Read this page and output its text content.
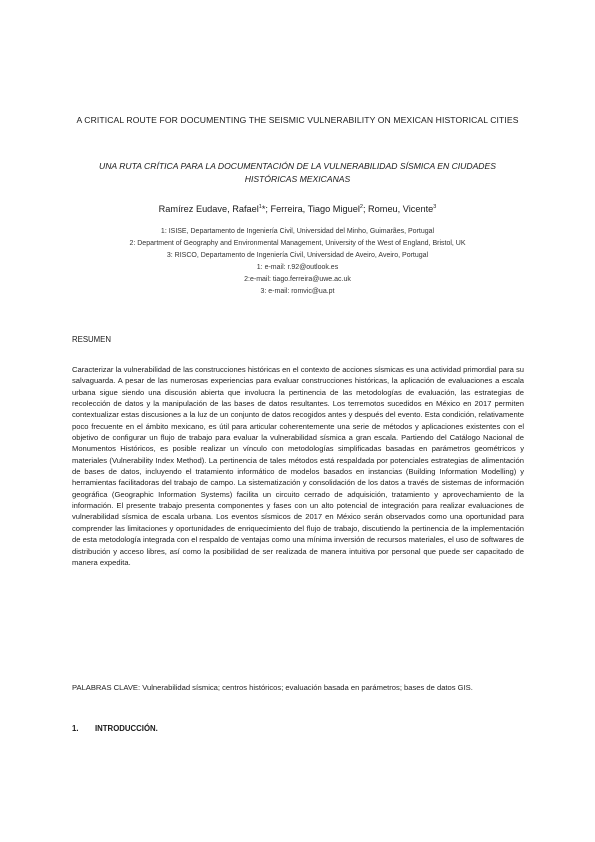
A CRITICAL ROUTE FOR DOCUMENTING THE SEISMIC VULNERABILITY ON MEXICAN HISTORICAL CITIES
UNA RUTA CRÍTICA PARA LA DOCUMENTACIÓN DE LA VULNERABILIDAD SÍSMICA EN CIUDADES HISTÓRICAS MEXICANAS
Ramírez Eudave, Rafael$^1$*; Ferreira, Tiago Miguel$^2$; Romeu, Vicente$^3$
1: ISISE, Departamento de Ingeniería Civil, Universidad del Minho, Guimarães, Portugal
2: Department of Geography and Environmental Management, University of the West of England, Bristol, UK
3: RISCO, Departamento de Ingeniería Civil, Universidad de Aveiro, Aveiro, Portugal
1: e-mail: r.92@outlook.es
2:e-mail: tiago.ferreira@uwe.ac.uk
3: e-mail: romvic@ua.pt
RESUMEN
Caracterizar la vulnerabilidad de las construcciones históricas en el contexto de acciones sísmicas es una actividad primordial para su salvaguarda. A pesar de las numerosas experiencias para evaluar construcciones históricas, la aplicación de evaluaciones a escala urbana sigue siendo una discusión abierta que involucra la pertinencia de las metodologías de evaluación, las estrategias de recolección de datos y la manipulación de las bases de datos resultantes. Los terremotos sucedidos en México en 2017 permiten contextualizar estas discusiones a la luz de un conjunto de datos recogidos antes y después del evento. Esta condición, relativamente poco frecuente en el ámbito mexicano, es útil para articular coherentemente una serie de métodos y aplicaciones existentes con el objetivo de configurar un flujo de trabajo para evaluar la vulnerabilidad sísmica a gran escala. Partiendo del Catálogo Nacional de Monumentos Históricos, es posible realizar un vínculo con metodologías simplificadas basadas en parámetros geométricos y materiales (Vulnerability Index Method). La pertinencia de tales métodos está respaldada por potenciales estrategias de alimentación de bases de datos, incluyendo el tratamiento informático de modelos basados en instancias (Building Information Modelling) y herramientas facilitadoras del trabajo de campo. La sistematización y consolidación de los datos a través de sistemas de información geográfica (Geographic Information Systems) facilita un circuito cerrado de adquisición, tratamiento y aprovechamiento de la información. El presente trabajo presenta componentes y fases con un alto potencial de integración para realizar evaluaciones de vulnerabilidad sísmica de escala urbana. Los eventos sísmicos de 2017 en México serán observados como una oportunidad para comprender las limitaciones y oportunidades de enriquecimiento del flujo de trabajo, discutiendo la pertinencia de la implementación de esta metodología integrada con el respaldo de ventajas como una mínima inversión de recursos materiales, el uso de softwares de distribución y acceso libres, así como la posibilidad de ser realizada de manera intuitiva por personal que puede ser capacitado de manera expedita.
PALABRAS CLAVE: Vulnerabilidad sísmica; centros históricos; evaluación basada en parámetros; bases de datos GIS.
1. INTRODUCCIÓN.
